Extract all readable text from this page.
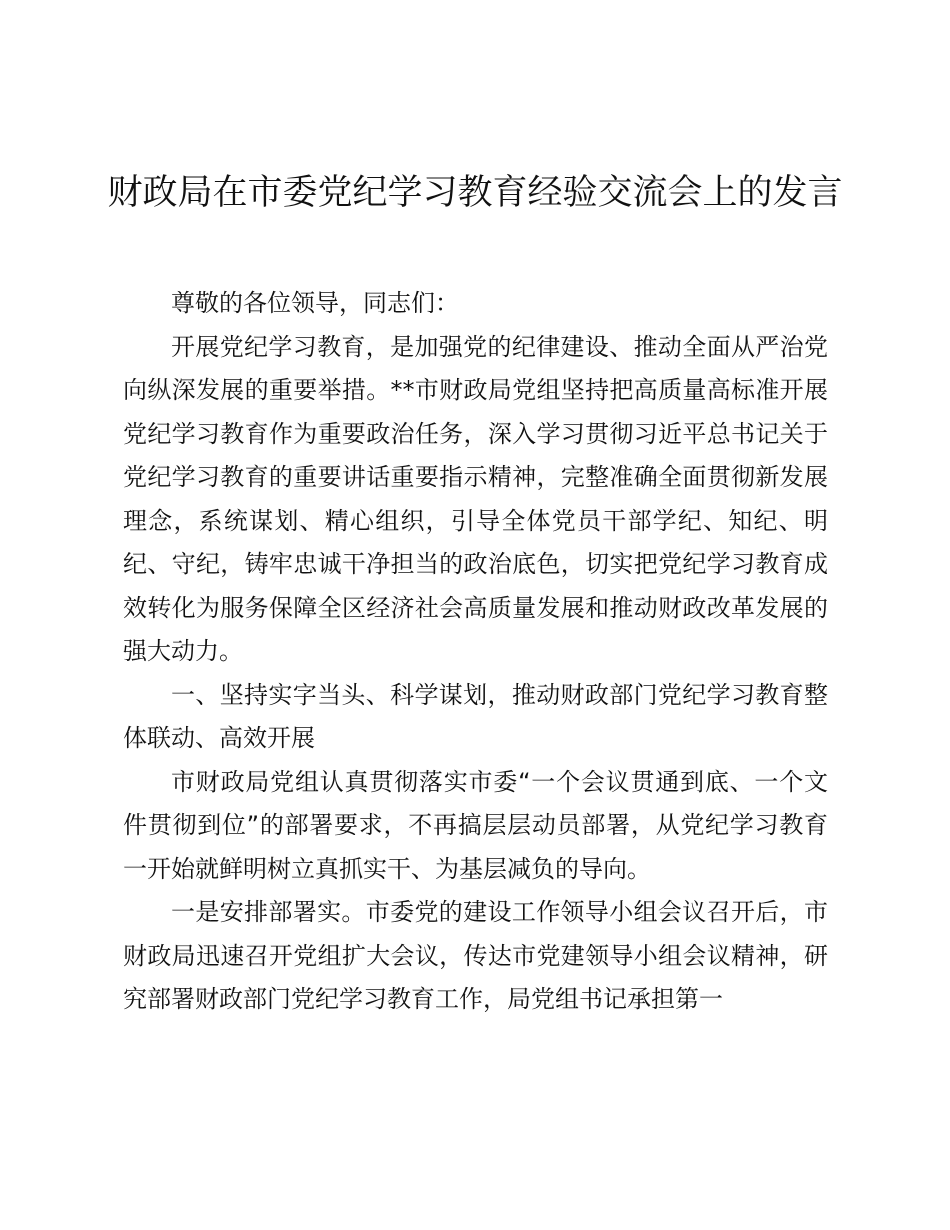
财政局在市委党纪学习教育经验交流会上的发言

尊敬的各位领导，同志们：

开展党纪学习教育，是加强党的纪律建设、推动全面从严治党向纵深发展的重要举措。**市财政局党组坚持把高质量高标准开展党纪学习教育作为重要政治任务，深入学习贯彻习近平总书记关于党纪学习教育的重要讲话重要指示精神，完整准确全面贯彻新发展理念，系统谋划、精心组织，引导全体党员干部学纪、知纪、明纪、守纪，铸牢忠诚干净担当的政治底色，切实把党纪学习教育成效转化为服务保障全区经济社会高质量发展和推动财政改革发展的强大动力。

一、坚持实字当头、科学谋划，推动财政部门党纪学习教育整体联动、高效开展

市财政局党组认真贯彻落实市委“一个会议贯通到底、一个文件贯彻到位”的部署要求，不再搞层层动员部署，从党纪学习教育一开始就鲜明树立真抓实干、为基层减负的导向。

一是安排部署实。市委党的建设工作领导小组会议召开后，市财政局迅速召开党组扩大会议，传达市党建领导小组会议精神，研究部署财政部门党纪学习教育工作，局党组书记承担第一
